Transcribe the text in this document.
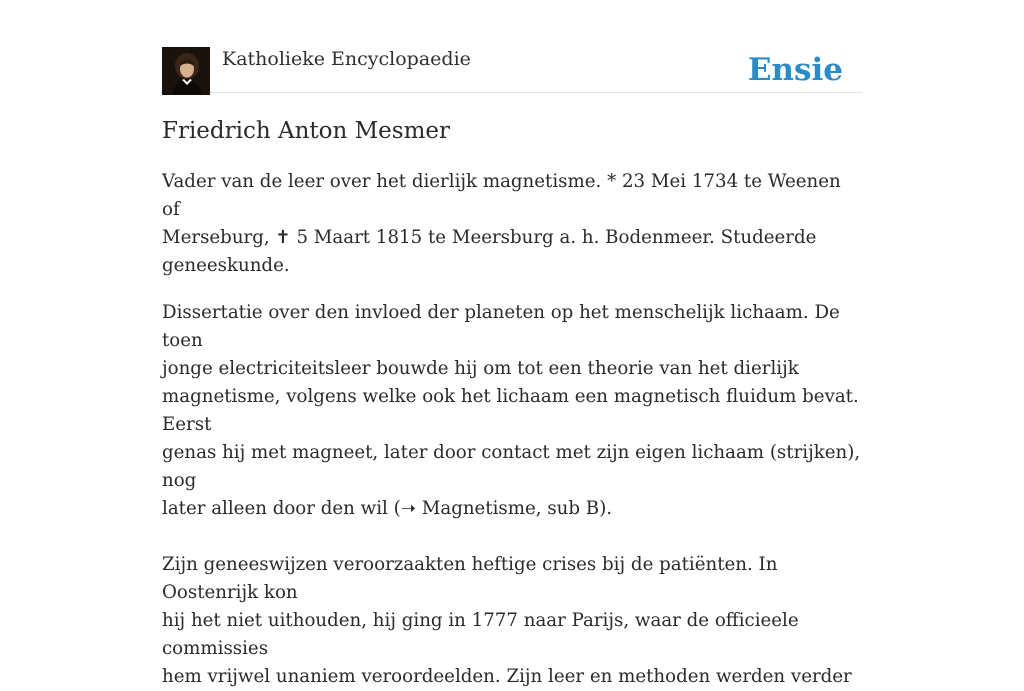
Katholieke Encyclopaedie	Ensie
Friedrich Anton Mesmer

Vader van de leer over het dierlijk magnetisme. * 23 Mei 1734 te Weenen of
Merseburg, ✝ 5 Maart 1815 te Meersburg a. h. Bodenmeer. Studeerde
geneeskunde.

Dissertatie over den invloed der planeten op het menschelijk lichaam. De toen
jonge electriciteitsleer bouwde hij om tot een theorie van het dierlijk
magnetisme, volgens welke ook het lichaam een magnetisch fluidum bevat. Eerst
genas hij met magneet, later door contact met zijn eigen lichaam (strijken), nog
later alleen door den wil (➝ Magnetisme, sub B).

Zijn geneeswijzen veroorzaakten heftige crises bij de patiënten. In Oostenrijk kon
hij het niet uithouden, hij ging in 1777 naar Parijs, waar de officieele commissies
hem vrijwel unaniem veroordeelden. Zijn leer en methoden werden verder
